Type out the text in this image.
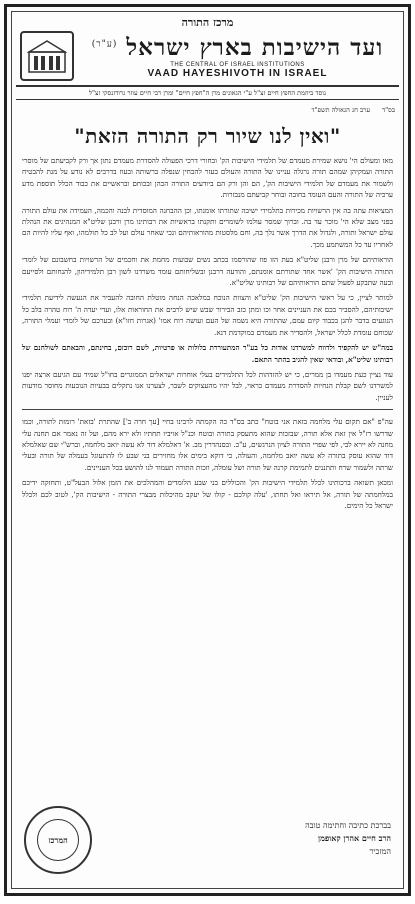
מרכז התורה
ועד הישיבות בארץ ישראל $^{(ע"ר)}$
THE CENTRAL OF ISRAEL INSTITUTIONS
VAAD HAYESHIVOTH IN ISRAEL
נוסד ביוזמת החפץ חיים זצ"ל ע"י הגאונים מרן ה"חפץ חיים" ומרן רבי חיים עוזר גרודזנסקי זצ"ל
בס"ד
ערב חג הגאולה תשפ"ד
"ואין לנו שיור רק התורה הזאת"

מאז ומעולם הי' נושא שמירת מעמדם של תלמידי הישיבות הק' ובחורי דרכי הפעולה להסדרת מעמדם נתון אך ורק לקביעתם של מוסרי התורה ועמקיהן שמהם תורה נרגלה עניינו של התורה והעולם בעזר להבחין שנפלה ברשותה ובעוז בדרכים לא נודע על מנת להבטיח ולשמור את מעמדם של תלמידי הישיבות הק', הם והן ורק הם ביודעים התורה הכהן ובכוחם ובראשיים את כבוד הכלל תוספת מדע ערכיה של התורה והעם העומד בחובה ובוחר קביעתם מנבזרות.

המציאות עתה בה אין הרשויות מכירות בתלמידי ישיבה שתורתו אומנתו, וכן ההבחנה המוסדית לבנה והכמה, העמידה את עולם התורה בפני מצב שלא הי' מוכר עד בה. וברוך שמסר עולמו לשומרים ותקנתו בראשיות את רבותינו מרן ורבנן שליט"א המנהיגים את הנהלת עולם ישראל ותורה, ולגדול את הדרך אשר נלך בה, וחם מלסטות מהוראותיהם ונכי שאחר עולם ועל לב כל תולמהו, ואף עליו להיות הם לאחריו עד כל המשתמע מכך.

הוראותיהם של מרן ורבנן שליט"א בעת הזו פוז שהורסמו בכתב נשים שבועות מחמת את וחכמים של הרשויות בחשבונם של לומדי התורה הישיבות הק' 'אשר אחד שתורתם אומנתם, והודעה דרבנן ובשליחותם עומד משרדנו לשון רבן תלמידיהון, להנחותם ולסייעם ובעה שתבקע לפעול שתם הוראותיהם של רבותינו שליט"א.

למותר לציין, כי על ראשי הישיבות הק' שליט"א והצוות הנוכח במלאכה הנחה מוטלת החובה להעביר את הנעשה לידיעת תלמידי ישיבותיהם, להסביר בכם את העניינים אחר וכו ומתן כזב הבירור שבש שיש לרבים את החוראות אלו, ועדי יעדה ה' רוח טהרה בלב כל הנוגעים בדבר להגן בכבוד קיום עמם, שהתורה היא נשמה של העם ועושה רוח אמו' (אגרות חזו"א) ובערכם של לומדי ועמלי התורה, שכוחם עומדת לכלל ישראל, ולהסדיר את מעמדם במוקדמת דנא.

במה"ש יש להקפיד ולדווח למשרדנו אודות כל בע"ר המתעוררת בלולות או פרטיות, לשם רוכזם, בחינתם, והבאתם לשולחנם של רבותינו שליט"א, ובודאי שאין להגיב בהתר התאם.

עוד נציין כעת מעמדו בן ממרים, כי יש להזדהות לכל התלמידים בעלי אוחרות ישראלים הממוגרים בחו"ל שמיד עם הגיעם ארצה יפנו למשרדנו לשם קבלת הנחיות להסדרת מעמדם כראוי, לבל יהיו מהעצוקים לשבר, לצערנו אנו נתקלים בבעיות הנובעות מחוסר מודעות לעניין.

עה"פ "אם תקום עלי מלחמה בזאת אני בוטח" כתב בס"ד כה הקמתה לרבינו בחיי [עך חרה ב'] שהתרת 'בזאת' רומזת לתורה, וכמו שדרשו רז"ל אין זאת אלא תורה, שבזכות שהוא מתעסק בתורה ובוטח וכנ"ל אויביו תחתיו ולא ירא מהם, ועל זה נאמר אם תחנה עלי מחנה לא יירא לבי, לפי שפרי התורה לציון הנרגשים, ע"כ. ובסנהדרין מב. א' דאלמלא דוד לא עשה יואב מלחמה, וברש"י שם שאלמלא דוד שהוא עוסק בתורה לא עשה יואב מלחמה, והעולה, כי דוקא בימים אלו מחזירים בני שבע לו להתעוגל בעמלה של תורה ובעלי שרתה ולשמור שרח ותתננים לתמימת קרנה של תורה ושל עומלה, וזכות התורה תעמוד לנו להושע בכל העניינים.

ומכאן תשואה ברכותינו לכלל תלמידי הישיבות הק' והכוללים בני שבע הלומדים והמהלכים את הזמן אלול הבעל"ט, ותחזקה ידיכם במלחמתה של תורה, אל תיראו ואל תחתו, 'עלה קולכם - קולו של יעקב מהיכלות מבצרי התורה - הישיבות הק', לטוב לכם ולכלל ישראל כל הימים.

המרכז
בברכת כתיבה וחתימה טובה
הרב חיים אהרן קאופמן
המזכיר
